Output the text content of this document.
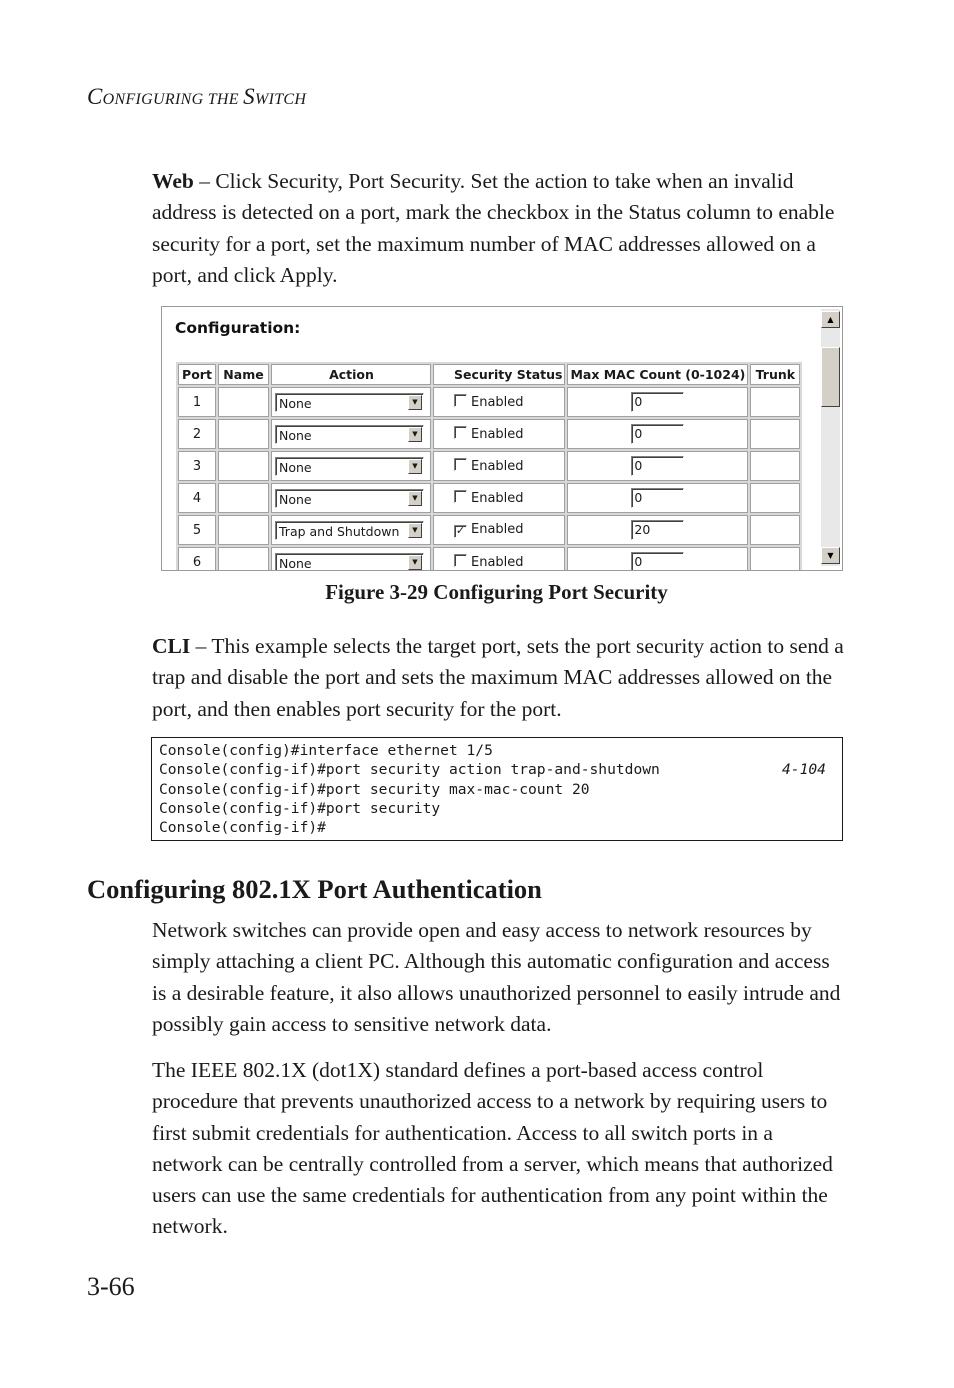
CONFIGURING THE SWITCH

Web – Click Security, Port Security. Set the action to take when an invalid address is detected on a port, mark the checkbox in the Status column to enable security for a port, set the maximum number of MAC addresses allowed on a port, and click Apply.

Configuration:
Port	Name	Action	Security Status	Max MAC Count (0-1024)	Trunk
1		None ▼	Enabled	0	
2		None ▼	Enabled	0	
3		None ▼	Enabled	0	
4		None ▼	Enabled	0	
5		Trap and Shutdown ▼	✓ Enabled	20	
6		None ▼	Enabled	0	
▲
▼
Figure 3-29 Configuring Port Security

CLI – This example selects the target port, sets the port security action to send a trap and disable the port and sets the maximum MAC addresses allowed on the port, and then enables port security for the port.

Console(config)#interface ethernet 1/5
Console(config-if)#port security action trap-and-shutdown	4-104
Console(config-if)#port security max-mac-count 20
Console(config-if)#port security
Console(config-if)#
Configuring 802.1X Port Authentication

Network switches can provide open and easy access to network resources by simply attaching a client PC. Although this automatic configuration and access is a desirable feature, it also allows unauthorized personnel to easily intrude and possibly gain access to sensitive network data.

The IEEE 802.1X (dot1X) standard defines a port-based access control procedure that prevents unauthorized access to a network by requiring users to first submit credentials for authentication. Access to all switch ports in a network can be centrally controlled from a server, which means that authorized users can use the same credentials for authentication from any point within the network.

3-66
